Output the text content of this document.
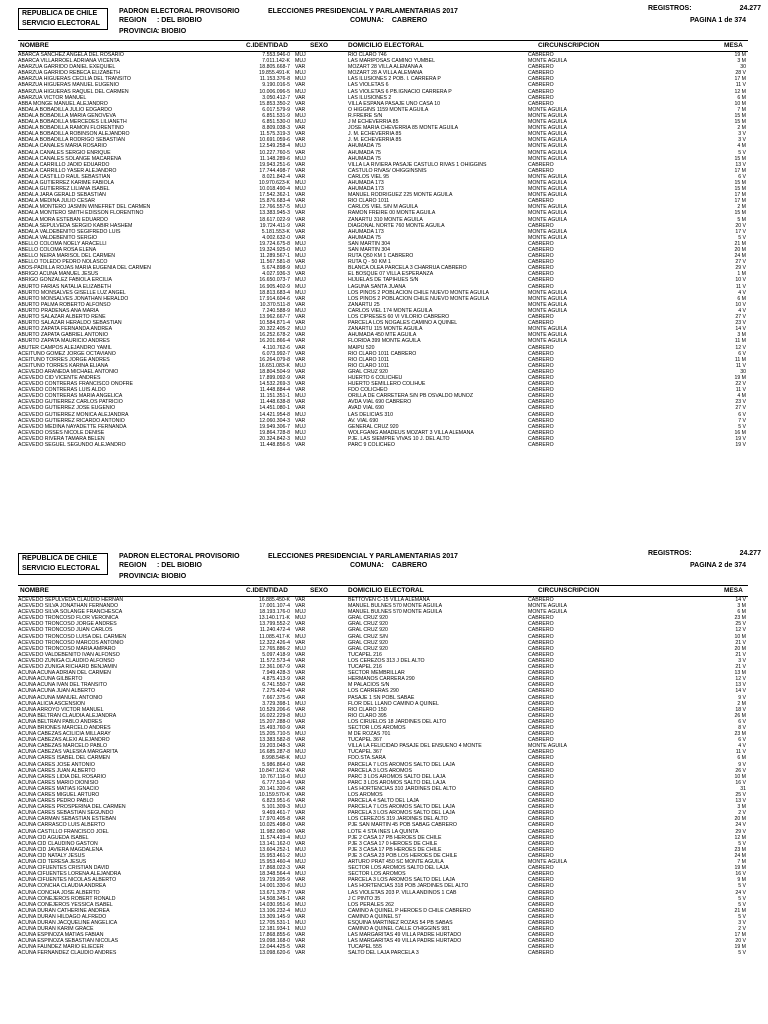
REPUBLICA DE CHILE
SERVICIO ELECTORAL
PADRON ELECTORAL PROVISORIO	ELECCIONES PRESIDENCIAL Y PARLAMENTARIAS 2017	REGISTROS:	24.277
PAGINA 1 de 374
REGION : DEL BIOBIO
PROVINCIA: BIOBIO
COMUNA: CABRERO
NOMBRE	C.IDENTIDAD	SEXO	DOMICILIO ELECTORAL	CIRCUNSCRIPCION	MESA
ABARCA SANCHEZ ANGELA DEL ROSARIO	7.553.946-0 MUJ	RIO CLARO 746	CABRERO	19 M
ABARCA VILLARROEL ADRIANA VICENTA	7.011.142-K MUJ	LAS MARIPOSAS CAMINO YUMBEL	MONTE AGUILA	3 M
ABARZUA GARRIDO DANIEL EXEQUIEL	18.805.668-7 VAR	MOZART 28 VILLA ALEMANA A	CABRERO	30
ABARZUA GARRIDO REBECA ELIZABETH	19.855.491-K MUJ	MOZART 28 A VILLA ALEMANA	CABRERO	28 V
ABARZUA HIGUERAS CECILIA DEL TRANSITO	11.153.376-8 MUJ	LAS ILUSIONES 2 POB. I. CARRERA P	CABRERO	17 M
ABARZUA HIGUERAS MANUEL EUGENIO	9.190.016-5 VAR	LAS VIOLETAS 6	CABRERO	11 V
ABARZUA HIGUERAS RAQUEL DEL CARMEN	10.006.096-5 MUJ	LAS VIOLETAS 6 PB.IGNACIO CARRERA P	CABRERO	12 M
ABARZUA VICTOR MANUEL	3.050.412-7 VAR	LAS ILUSIONES 2	CABRERO	6 M
ABBA MONGE MANUEL ALEJANDRO	15.853.350-2 VAR	VILLA ESPAÑA PASAJE UNO CASA 10	CABRERO	10 M
ABDALA BOBADILLA JULIO EDGARDO	6.017.579-9 VAR	O HIGGINS 1159 MONTE AGUILA	MONTE AGUILA	7 M
ABDALA BOBADILLA MARIA GENOVEVA	6.851.531-9 MUJ	R.FREIRE S/N	MONTE AGUILA	15 M
ABDALA BOBADILLA MERCEDES LILIANETH	6.851.530-0 MUJ	J M ECHEVERRIA 85	MONTE AGUILA	15 M
ABDALA BOBADILLA RAMON FLORENTINO	8.809.038-3 VAR	JOSE MARIA CHEVERRIA 85 MONTE AGUILA	MONTE AGUILA	2 M
ABDALA BOBADILLA ROBINSON ALEJANDRO	11.575.319-3 VAR	J. M. ECHEVERRIA 85	MONTE AGUILA	3 V
ABDALA BOBADILLA RODRIGO SEBASTIAN	10.691.059-6 VAR	J. M. ECHEVERRIA 85	MONTE AGUILA	3 V
ABDALA CANALES MARIA ROSARIO	12.549.258-4 MUJ	AHUMADA 75	MONTE AGUILA	4 M
ABDALA CANALES SERGIO ENRIQUE	10.227.760-5 VAR	AHUMADA 75	MONTE AGUILA	5 V
ABDALA CANALES SOLANGE MACARENA	11.148.289-6 MUJ	AHUMADA 75	MONTE AGUILA	15 M
ABDALA CARRILLO JADID EDUARDO	19.943.251-6 VAR	VILLA LA RIVIERA PASAJE CASTULO RIVAS 1 OHIGGINS	CABRERO	13 V
ABDALA CARRILLO YASER ALEJANDRO	17.744.498-7 VAR	CASTULO RIVAS/ OHIGGINSNIS	CABRERO	17 M
ABDALA CASTILLO RAUL SEBASTIAN	8.021.842-4 VAR	CARLOS VIEL 95	MONTE AGUILA	6 V
ABDALA GUTIERREZ KARIME FABIOLA	10.970.623-K MUJ	AHUMADA 173	MONTE AGUILA	15 M
ABDALA GUTIERREZ LILIANA ISABEL	10.018.490-4 MUJ	AHUMADA 173	MONTE AGUILA	15 M
ABDALA JARA GERALD SEBASTIAN	17.542.362-1 VAR	MANUEL RODRIGUEZ 225 MONTE AGUILA	MONTE AGUILA	17 M
ABDALA MEDINA JULIO CESAR	15.876.683-4 VAR	RIO CLARO 1011	CABRERO	17 M
ABDALA MONTERO JASMIN WINEFRET DEL CARMEN	12.766.557-5 MUJ	CARLOS VIEL S/N M AGUILA	MONTE AGUILA	2 M
ABDALA MONTERO SMITH EDISSON FLORENTINO	13.383.945-3 VAR	RAMON FREIRE 00 MONTE AGUILA	MONTE AGUILA	15 M
ABDALA MORA ESTEBAN EDUARDO	18.617.022-9 VAR	ZAÑARTU 310 MONTE AGUILA	MONTE AGUILA	5 M
ABDALA SEPULVEDA SERGIO KABIR HASHEM	19.724.411-9 VAR	DIAGONAL NORTE 760 MONTE AGUILA	CABRERO	20 V
ABDALA VALDEBENITO SEGIFREDO LUIS	5.181.553-K VAR	AHUMADA 173	MONTE AGUILA	17 V
ABDALA VALDEBENITO SERGIO	4.002.632-0 VAR	AHUMADA 75	MONTE AGUILA	5 V
ABELLO COLOMA NOELY ARACELLI	19.724.675-8 MUJ	SAN MARTIN 304	CABRERO	21 M
ABELLO COLOMA ROSA ELENA	19.324.925-0 MUJ	SAN MARTIN 304	CABRERO	20 M
ABELLO NEIRA MARISOL DEL CARMEN	11.289.567-1 MUJ	RUTA Q50 KM 1 CABRERO	CABRERO	24 M
ABELLO TOLEDO PEDRO NOLASCO	11.567.581-8 VAR	RUTA Q - 50 KM 1	CABRERO	27 V
ABOS-PADILLA ROJAS MARIA EUGENIA DEL CARMEN	5.674.898-9 MUJ	BLANCA OLEA PARCELA 3 CHARRUA CABRERO	CABRERO	29 V
ABRIGO ACUÑA MANUEL JESUS	4.027.936-3 VAR	EL BOSQUE 07 VILLA ESPERANZA	CABRERO	1 M
ABRIGO GONZALEZ FABIOLA ERCILIA	16.650.073-7 MUJ	HIJUELAS DE TAPIHUES S/N	CABRERO	10 V
ABURTO FARIAS NATALIA ELIZABETH	16.905.402-9 MUJ	LAGUNA SANTA JUANA	CABRERO	11 V
ABURTO MONSALVES GISELLE LUZ ANGEL	18.813.683-4 MUJ	LOS PINOS 2 POBLACION CHILE NUEVO MONTE AGUILA	MONTE AGUILA	4 V
ABURTO MONSALVES JONATHAN HERALDO	17.914.604-6 VAR	LOS PINOS 2 POBLACION CHILE NUEVO MONTE AGUILA	MONTE AGUILA	6 M
ABURTO PALMA ROBERTO ALFONSO	10.370.511-8 VAR	ZAÑARTU 25	MONTE AGUILA	10 V
ABURTO PRADENAS ANA MARIA	7.240.588-9 MUJ	CARLOS VIEL 174 MONTE AGUILA	MONTE AGUILA	4 V
ABURTO SALAZAR ALBERTO RENE	13.962.667-7 VAR	LOS CIPRESES 60 VI VILORIO CABRERO	CABRERO	27 V
ABURTO SALAZAR HERALDO SEBASTIAN	10.584.871-4 VAR	PARCELA LOS NOGALES CAMINO A QUINEL	CABRERO	23 V
ABURTO ZAPATA FERNANDA ANDREA	20.322.405-2 MUJ	ZAÑARTU 115 MONTE AGUILA	MONTE AGUILA	14 V
ABURTO ZAPATA GABRIEL ANTONIO	16.252.678-2 VAR	AHUMADA 450 MTE AGUILA	MONTE AGUILA	3 M
ABURTO ZAPATA MAURICIO ANDRES	16.201.866-4 VAR	FLORIDA 399 MONTE AGUILA	MONTE AGUILA	11 M
ABUTER CAMPOS ALEJANDRO YAMIL	4.110.762-6 VAR	MAIPU 520	CABRERO	12 V
ACEITUNO GOMEZ JORGE OCTAVIANO	6.073.992-7 VAR	RIO CLARO 1011 CABRERO	CABRERO	6 V
ACEITUNO TORRES JORGE ANDRES	16.264.079-8 VAR	RIO CLARO 1011	CABRERO	11 M
ACEITUNO TORRES KARINA ELIANA	16.651.083-K MUJ	RIO CLARO 1011	CABRERO	11 V
ACEVEDO ARANEDA MICHAEL ANTONIO	18.804.504-9 VAR	GRAL CRUZ 920	CABRERO	30
ACEVEDO CID VICENTE ANDRES	17.899.092-9 VAR	HUERTO 6 COLICHEU	CABRERO	19 M
ACEVEDO CONTRERAS FRANCISCO ONOFRE	14.532.269-3 VAR	HUERTO SEMILLERO COLIHUE	CABRERO	22 V
ACEVEDO CONTRERAS LUIS ALDO	11.448.884-4 VAR	FDO COLICHEO	CABRERO	11 V
ACEVEDO CONTRERAS MARIA ANGELICA	11.151.351-1 MUJ	ORILLA DE CARRETERA S/N PB OSVALDO MUÑOZ	CABRERO	4 M
ACEVEDO GUTIERREZ CARLOS PATRICIO	11.448.638-8 VAR	AVDA VIAL 690 CABRERO	CABRERO	23 V
ACEVEDO GUTIERREZ JOSE EUGENIO	14.451.080-1 VAR	AVAD VIAL 690	CABRERO	27 V
ACEVEDO GUTIERREZ MONICA ALEJANDRA	14.421.954-8 MUJ	LAS DELICIAS 310	CABRERO	6 V
ACEVEDO GUTIERREZ RICARDO ANTONIO	12.060.304-3 VAR	AV. VIAL 690	CABRERO	7 V
ACEVEDO MEDINA NAYADETTE FERNANDA	19.949.306-7 MUJ	GENERAL CRUZ 920	CABRERO	5 V
ACEVEDO OSSES NICOLE DENISE	19.864.728-8 MUJ	WOLFGANG AMADEUS MOZART 3 VILLA ALEMANA	CABRERO	16 M
ACEVEDO RIVERA TAMARA BELEN	20.324.842-3 MUJ	PJE. LAS SIEMPRE VIVAS 10 J. DEL ALTO	CABRERO	19 V
ACEVEDO SEGUEL SEGUNDO ALEJANDRO	11.448.856-5 VAR	PARC 9 COLICHEO	CABRERO	19 V
REPUBLICA DE CHILE
SERVICIO ELECTORAL
PADRON ELECTORAL PROVISORIO	ELECCIONES PRESIDENCIAL Y PARLAMENTARIAS 2017	REGISTROS:	24.277
PAGINA 2 de 374
REGION : DEL BIOBIO
PROVINCIA: BIOBIO
COMUNA: CABRERO
NOMBRE	C.IDENTIDAD	SEXO	DOMICILIO ELECTORAL	CIRCUNSCRIPCION	MESA
ACEVEDO SEPULVEDA CLAUDIO HERNAN	16.885.450-K VAR	BETTOVEN C-15 VILLA ALEMANA	CABRERO	14 V
ACEVEDO SILVA JONATHAN FERNANDO	17.001.107-4 VAR	MANUEL BULNES 570 MONTE AGUILA	MONTE AGUILA	3 M
ACEVEDO SILVA SOLANGE FRANCHESCA	18.193.176-0 MUJ	MANUEL BULNES 570 MONTE AGUILA	MONTE AGUILA	6 M
ACEVEDO TRONCOSO FLOR VERONICA	13.140.171-K MUJ	GRAL CRUZ 920	CABRERO	23 M
ACEVEDO TRONCOSO JORGE ANDRES	13.799.552-2 VAR	GRAL CRUZ 920	CABRERO	25 V
ACEVEDO TRONCOSO JUAN CARLOS	11.240.472-4 VAR	GRAL CRUZ 920	CABRERO	12 V
ACEVEDO TRONCOSO LUISA DEL CARMEN	11.085.417-K MUJ	GRAL CRUZ S/N	CABRERO	10 M
ACEVEDO TRONCOSO MARCOS ANTONIO	12.322.426-4 VAR	GRAL CRUZ 920	CABRERO	21 V
ACEVEDO TRONCOSO MARIA AMPARO	12.765.886-2 MUJ	GRAL CRUZ 920	CABRERO	20 M
ACEVEDO VALDEBENITO IVAN ALFONSO	5.097.418-9 VAR	TUCAPEL 216	CABRERO	21 V
ACEVEDO ZUÑIGA CLAUDIO ALFONSO	11.572.573-4 VAR	LOS CEREZOS 313 J DEL ALTO	CABRERO	3 V
ACEVEDO ZUÑIGA RICHARD BENJAMIN	12.361.067-9 VAR	TUCAPEL 216	CABRERO	21 V
ACUÑA ACUÑA ADRIAN DEL CARMEN	7.949.428-3 VAR	SECTOR MEMBRILLAR	CABRERO	13 M
ACUÑA ACUÑA GILBERTO	4.875.413-9 VAR	HERMANOS CARRERA 290	CABRERO	12 V
ACUÑA ACUÑA IVAN DEL TRANSITO	6.741.550-7 VAR	M PALACIOS S/N	CABRERO	13 V
ACUÑA ACUÑA JUAN ALBERTO	7.275.420-4 VAR	LOS CARRERAS 290	CABRERO	14 V
ACUÑA ACUÑA MANUEL ANTONIO	7.667.375-6 VAR	PASAJE 1 SN POBL SABAE	CABRERO	9 V
ACUÑA ALICIA ASCENSION	3.729.398-1 MUJ	FLOR DEL LLANO CAMINO A QUINEL	CABRERO	2 M
ACUÑA ARROYO VICTOR MANUEL	10.529.206-6 VAR	RIO CLARO 150	CABRERO	18 V
ACUÑA BELTRAN CLAUDIA ALEJANDRA	16.022.229-8 MUJ	RIO CLARO 395	CABRERO	26 M
ACUÑA BELTRAN PABLO ANDRES	15.207.288-0 VAR	LOS CIRUELOS 18 JARDINES DEL ALTO	CABRERO	6 V
ACUÑA BRIONES MARCELO ANDRES	15.493.760-9 VAR	SECTOR LOS AROMOS	CABRERO	8 V
ACUÑA CABEZAS ACILICIA MILLARAY	15.205.710-5 MUJ	M DE ROZAS 701	CABRERO	23 M
ACUÑA CABEZAS ALEXI ALEJANDRO	13.383.582-8 VAR	TUCAPEL 367	CABRERO	6 V
ACUÑA CABEZAS MARCELO PABLO	19.203.048-3 VAR	VILLA LA FELICIDAD PASAJE DEL ENSUEÑO 4 MONTE	MONTE AGUILA	4 V
ACUÑA CABEZAS VALESKA MARGARITA	16.685.287-8 MUJ	TUCAPEL 367	CABRERO	11 V
ACUÑA CARES ISABEL DEL CARMEN	8.998.548-K MUJ	FDO.STA.SARA	CABRERO	6 M
ACUÑA CARES JOSE ANTONIO	5.986.864-0 VAR	PARCELA 7 LOS AROMOS SALTO DEL LAJA	CABRERO	9 V
ACUÑA CARES JUAN ALBERTO	10.847.162-K VAR	PARCELA 3 LOS AROMOS	CABRERO	26 V
ACUÑA CARES LIDIA DEL ROSARIO	10.767.116-0 MUJ	PARC 3 LOS AROMOS SALTO DEL LAJA	CABRERO	10 M
ACUÑA CARES MARIO DIONISIO	6.777.510-4 VAR	PARC 3 LOS AROMOS SALTO DEL LAJA	CABRERO	16 V
ACUÑA CARES MATIAS IGNACIO	20.141.320-6 VAR	LAS HORTENCIAS 310 JARDINES DEL ALTO	CABRERO	31
ACUÑA CARES MIGUEL ARTURO	10.159.570-K VAR	LOS AROMOS	CABRERO	25 V
ACUÑA CARES PEDRO PABLO	6.823.951-6 VAR	PARCELA 4 SALTO DEL LAJA	CABRERO	13 V
ACUÑA CARES PROSPERINA DEL CARMEN	5.101.309-3 MUJ	PARCELA 7 LOS AROMOS SALTO DEL LAJA	CABRERO	3 M
ACUÑA CARES SEBASTIAN SEGUNDO	9.469.461-7 VAR	PARCELA 3 LOS AROMOS SALTO DEL LAJA	CABRERO	2 V
ACUÑA CARMAN SEBASTIAN ESTEBAN	17.970.405-8 VAR	LOS CEREZOS 319 JARDINES DEL ALTO	CABRERO	20 M
ACUÑA CARRASCO LUIS ALBERTO	10.025.498-0 VAR	PJE SAN MARTIN 45 POB SABAG CABRERO	CABRERO	24 V
ACUÑA CASTILLO FRANCISCO JOEL	11.982.080-0 VAR	LOTE 4 STA INES LA QUINTA	CABRERO	29 V
ACUÑA CID AGUEDA ISABEL	11.574.419-4 MUJ	PJE 2 CASA 17 PB HEROES DE CHILE	CABRERO	12 M
ACUÑA CID CLAUDINO GASTON	13.141.162-0 VAR	PJE 3 CASA 17 0 HEROES DE CHILE	CABRERO	5 V
ACUÑA CID JAVIERA MAGDALENA	13.604.252-1 MUJ	PJE 3 CASA 17 PB HEROES DE CHILE	CABRERO	23 M
ACUÑA CID NATALY JESUS	15.953.461-2 MUJ	PJE 3 CASA 23 POB LOS HEROES DE CHILE	CABRERO	24 M
ACUÑA CID TERESA JESUS	15.953.460-4 MUJ	ARTURO PRAT 450 SC MONTE AGUILA	MONTE AGUILA	7 M
ACUÑA CIFUENTES CRISTIAN DAVID	17.868.022-3 VAR	SECTOR LOS AROMOS SALTO DEL LAJA	CABRERO	19 M
ACUÑA CIFUENTES LORENA ALEJANDRA	18.348.564-4 MUJ	SECTOR LOS AROMOS	CABRERO	16 V
ACUÑA CIFUENTES NICOLAS ALBERTO	19.719.205-9 VAR	PARCELA 3 LOS AROMOS SALTO DEL LAJA	CABRERO	9 M
ACUÑA CONCHA CLAUDIA ANDREA	14.001.330-6 MUJ	LAS HORTENCIAS 318 POB JARDINES DEL ALTO	CABRERO	5 V
ACUÑA CONCHA JOSE ALBERTO	13.671.378-7 VAR	LAS VIOLETAS 203 P. VILLA ANDINOS 1 CAB	CABRERO	24 V
ACUÑA CONEJEROS ROBERT RONALD	14.508.345-1 VAR	J C PINTO 35	CABRERO	5 V
ACUÑA CONEJEROS YESSICA ISABEL	14.030.951-6 MUJ	LOS PERALES 262	CABRERO	5 V
ACUÑA DURAN CATHERINE ANDREA	13.106.232-4 MUJ	CAMINO A QUINEL P HEROES D CHILE CABRERO	CABRERO	21 M
ACUÑA DURAN HILDAGO ALFREDO	13.309.145-9 VAR	CAMINO A QUINEL 57	CABRERO	5 V
ACUÑA DURAN JACQUELINE ANGELICA	12.705.531-1 MUJ	ESQUINA MARTINEZ ROZAS 54 PB SABAS	CABRERO	3 V
ACUÑA DURAN KARIM GRACE	12.181.934-1 MUJ	CAMINO A QUINEL CALLE O'HIGGINS 981	CABRERO	2 V
ACUÑA ESPINOZA MATIAS FABIAN	17.868.855-6 VAR	LAS MARGARITAS 49 VILLA PADRE HURTADO	CABRERO	17 M
ACUÑA ESPINOZA SEBASTIAN NICOLAS	19.098.168-0 VAR	LAS MARGARITAS 49 VILLA PADRE HURTADO	CABRERO	20 V
ACUÑA FAUNDEZ MARIO ELIECER	12.044.425-5 VAR	TUCAPEL 555	CABRERO	19 M
ACUÑA FERNANDEZ CLAUDIO ANDRES	13.098.620-6 VAR	SALTO DEL LAJA PARCELA 3	CABRERO	5 V
